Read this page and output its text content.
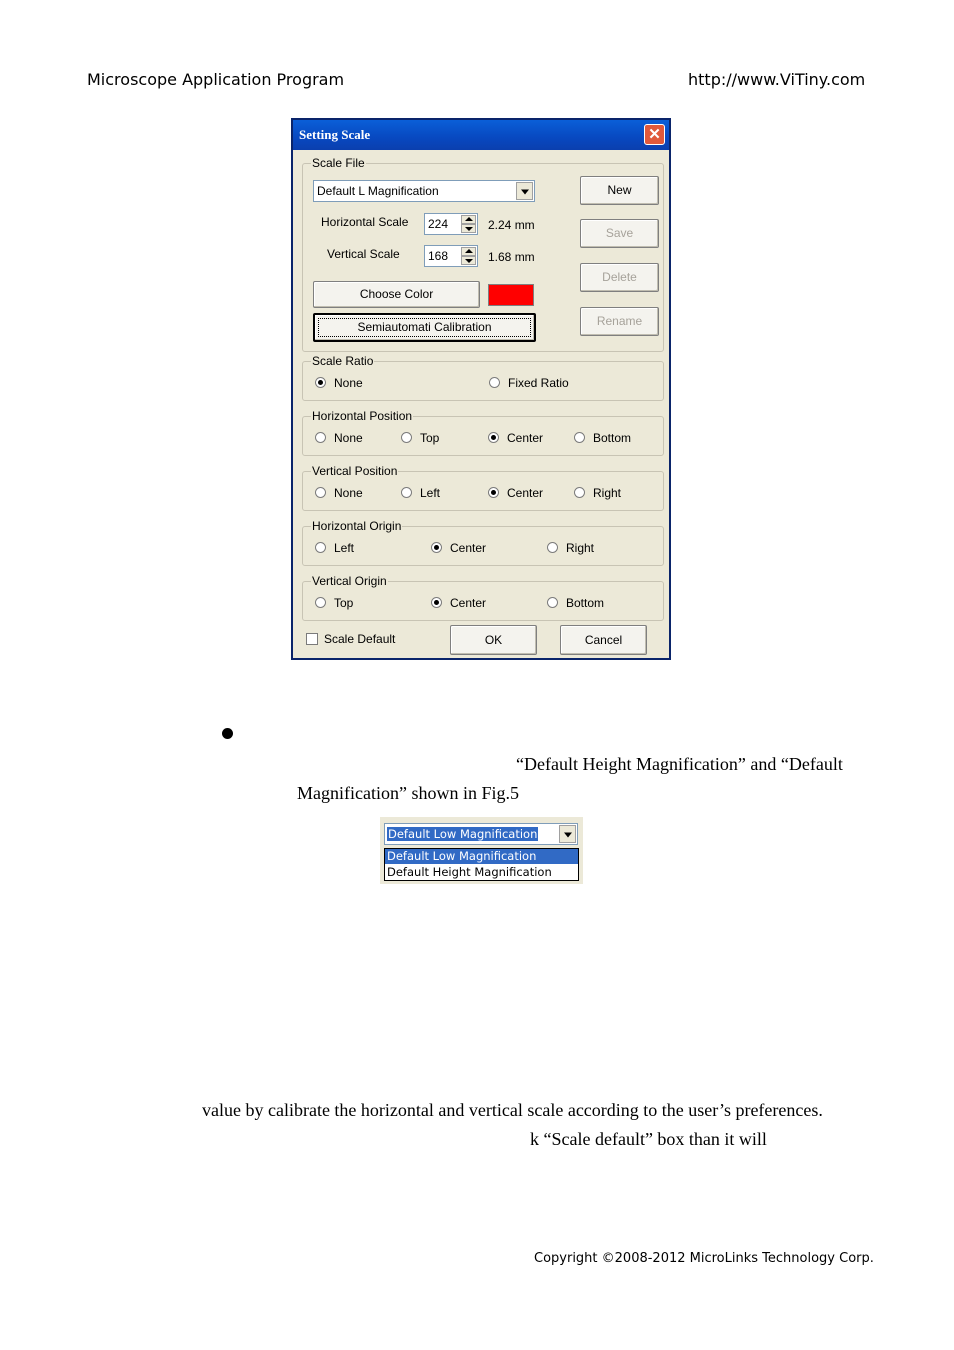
Microscope Application Program	http://www.ViTiny.com
Setting Scale	✕
Scale File
Default L Magnification
Horizontal Scale 224	2.24 mm
Vertical Scale 168	1.68 mm
Choose Color
Semiautomati Calibration
New
Save
Delete
Rename
Scale Ratio
None	Fixed Ratio
Horizontal Position
None	Top	Center	Bottom
Vertical Position
None	Left	Center	Right
Horizontal Origin
Left	Center	Right
Vertical Origin
Top	Center	Bottom
Scale Default	OK	Cancel
“Default Height Magnification” and “Default
Magnification” shown in Fig.5
Default Low Magnification
Default Low Magnification
Default Height Magnification
value by calibrate the horizontal and vertical scale according to the user’s preferences.
k “Scale default” box than it will
Copyright ©2008-2012 MicroLinks Technology Corp.
